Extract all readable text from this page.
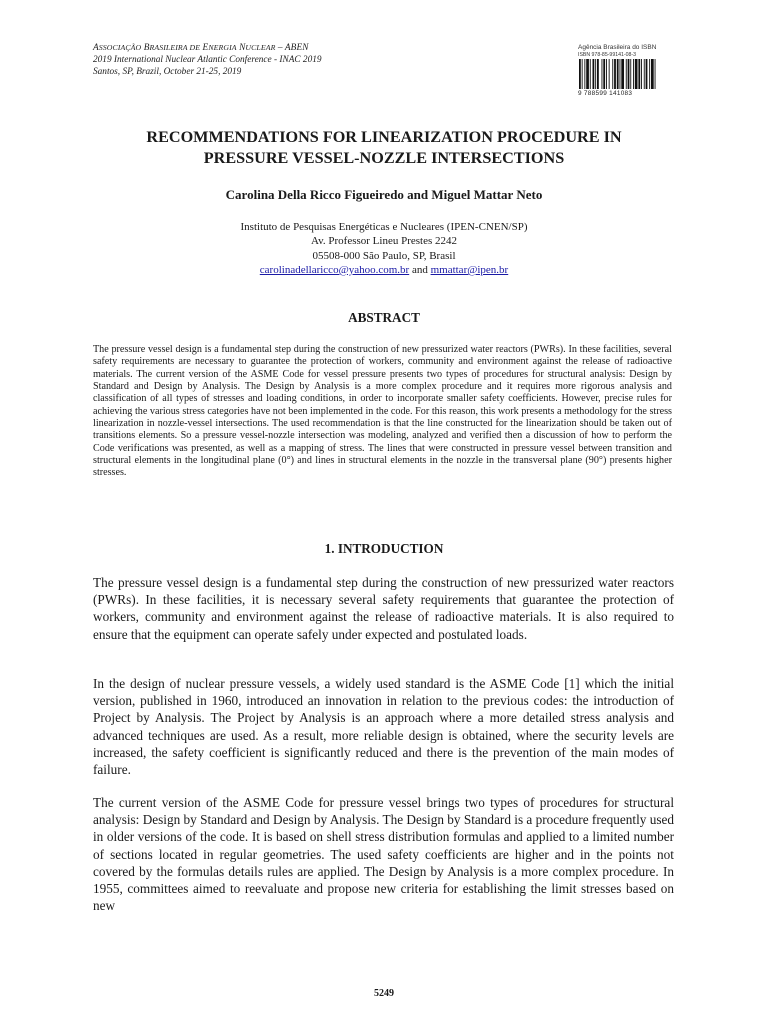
ASSOCIAÇÃO BRASILEIRA DE ENERGIA NUCLEAR – ABEN
2019 International Nuclear Atlantic Conference - INAC 2019
Santos, SP, Brazil, October 21-25, 2019
Agência Brasileira do ISBN
ISBN 978-85-99141-08-3
9 788599 141083
RECOMMENDATIONS FOR LINEARIZATION PROCEDURE IN
PRESSURE VESSEL-NOZZLE INTERSECTIONS
Carolina Della Ricco Figueiredo and Miguel Mattar Neto
Instituto de Pesquisas Energéticas e Nucleares (IPEN-CNEN/SP)
Av. Professor Lineu Prestes 2242
05508-000 São Paulo, SP, Brasil
carolinadellaricco@yahoo.com.br and mmattar@ipen.br
ABSTRACT

The pressure vessel design is a fundamental step during the construction of new pressurized water reactors (PWRs). In these facilities, several safety requirements are necessary to guarantee the protection of workers, community and environment against the release of radioactive materials. The current version of the ASME Code for vessel pressure presents two types of procedures for structural analysis: Design by Standard and Design by Analysis. The Design by Analysis is a more complex procedure and it requires more rigorous analysis and classification of all types of stresses and loading conditions, in order to incorporate smaller safety coefficients. However, precise rules for achieving the various stress categories have not been implemented in the code. For this reason, this work presents a methodology for the stress linearization in nozzle-vessel intersections. The used recommendation is that the line constructed for the linearization should be taken out of transitions elements. So a pressure vessel-nozzle intersection was modeling, analyzed and verified then a discussion of how to perform the Code verifications was presented, as well as a mapping of stress. The lines that were constructed in pressure vessel between transition and structural elements in the longitudinal plane (0°) and lines in structural elements in the nozzle in the transversal plane (90°) presents higher stresses.

1. INTRODUCTION

The pressure vessel design is a fundamental step during the construction of new pressurized water reactors (PWRs). In these facilities, it is necessary several safety requirements that guarantee the protection of workers, community and environment against the release of radioactive materials. It is also required to ensure that the equipment can operate safely under expected and postulated loads.

In the design of nuclear pressure vessels, a widely used standard is the ASME Code [1] which the initial version, published in 1960, introduced an innovation in relation to the previous codes: the introduction of Project by Analysis. The Project by Analysis is an approach where a more detailed stress analysis and advanced techniques are used. As a result, more reliable design is obtained, where the security levels are increased, the safety coefficient is significantly reduced and there is the prevention of the main modes of failure.

The current version of the ASME Code for pressure vessel brings two types of procedures for structural analysis: Design by Standard and Design by Analysis. The Design by Standard is a procedure frequently used in older versions of the code. It is based on shell stress distribution formulas and applied to a limited number of sections located in regular geometries. The used safety coefficients are higher and in the points not covered by the formulas details rules are applied. The Design by Analysis is a more complex procedure. In 1955, committees aimed to reevaluate and propose new criteria for establishing the limit stresses based on new

5249
